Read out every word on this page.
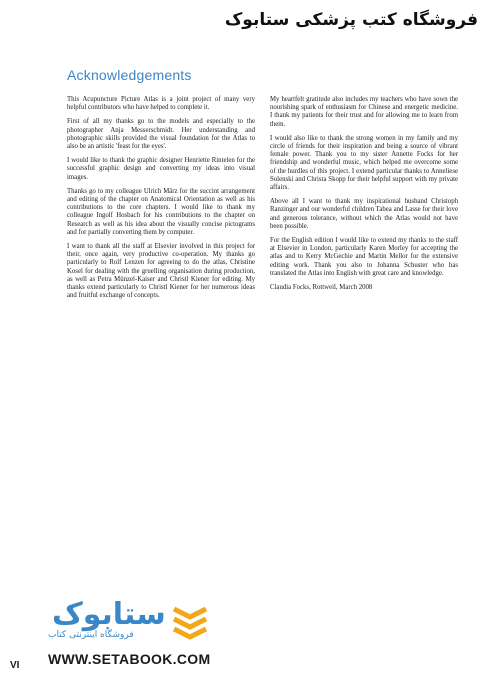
فروشگاه کتب پزشکی ستابوک
Acknowledgements

This Acupuncture Picture Atlas is a joint project of many very helpful contributors who have helped to complete it.

First of all my thanks go to the models and especially to the photographer Anja Messerschmidt. Her understanding and photographic skills provided the visual foundation for the Atlas to also be an artistic 'feast for the eyes'.

I would like to thank the graphic designer Henriette Rintelen for the successful graphic design and converting my ideas into visual images.

Thanks go to my colleague Ulrich März for the succint arrangement and editing of the chapter on Anatomical Orientation as well as his contributions to the core chapters. I would like to thank my colleague Ingolf Hosbach for his contributions to the chapter on Research as well as his idea about the visually concise pictograms and for partially converting them by computer.

I want to thank all the staff at Elsevier involved in this project for their, once again, very productive co-operation. My thanks go particularly to Rolf Lenzen for agreeing to do the atlas, Christine Kosel for dealing with the gruelling organisation during production, as well as Petra Münzel-Kaiser and Christl Kiener for editing. My thanks extend particularly to Christl Kiener for her numerous ideas and fruitful exchange of concepts.

My heartfelt gratitude also includes my teachers who have sown the nourishing spark of enthusiasm for Chinese and energetic medicine. I thank my patients for their trust and for allowing me to learn from them.

I would also like to thank the strong women in my family and my circle of friends for their inspiration and being a source of vibrant female power. Thank you to my sister Annette Focks for her friendship and wonderful music, which helped me overcome some of the hurdles of this project. I extend particular thanks to Anneliese Solenski and Christa Skopp for their helpful support with my private affairs.

Above all I want to thank my inspirational husband Christoph Ranzinger and our wonderful children Tabea and Lasse for their love and generous tolerance, without which the Atlas would not have been possible.

For the English edition I would like to extend my thanks to the staff at Elsevier in London, particularly Karen Morley for accepting the atlas and to Kerry McGechie and Martin Mellor for the extensive editing work. Thank you also to Johanna Schuster who has translated the Atlas into English with great care and knowledge.

Claudia Focks, Rottweil, March 2008

ستابوک
فروشگاه اینترنتی کتاب
VI WWW.SETABOOK.COM
